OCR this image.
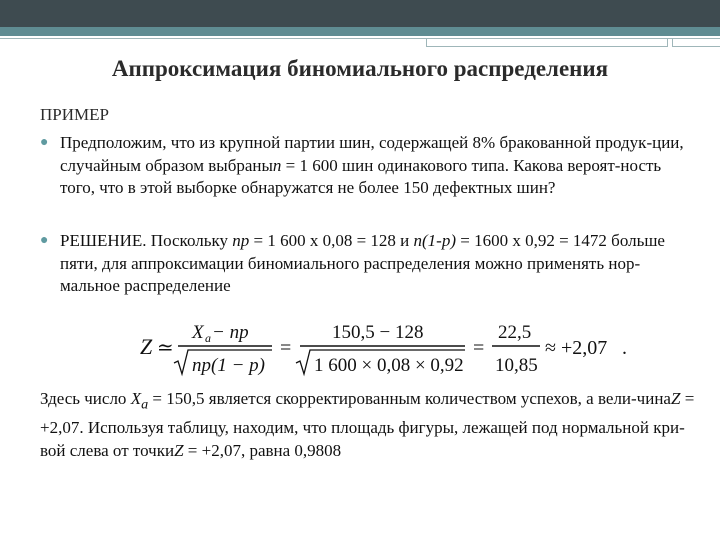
Аппроксимация биномиального распределения
ПРИМЕР
● Предположим, что из крупной партии шин, содержащей 8% бракованной продук-ции, случайным образом выбраныn = 1 600 шин одинакового типа. Какова вероят-ность того, что в этой выборке обнаружатся не более 150 дефектных шин?
● РЕШЕНИЕ. Поскольку np = 1 600 х 0,08 = 128 и n(1-p) = 1600 х 0,92 = 1472 больше пяти, для аппроксимации биномиального распределения можно применять нор-мальное распределение
Z ≃
X a − np
np(1 − p)
=
150,5 − 128
1 600 × 0,08 × 0,92
=
22,5
10,85
≈ +2,07 .
Здесь число $X_a = 150,5$ является скорректированным количеством успехов, а вели-чинаZ = +2,07. Используя таблицу, находим, что площадь фигуры, лежащей под нормальной кри-вой слева от точкиZ = +2,07, равна 0,9808
